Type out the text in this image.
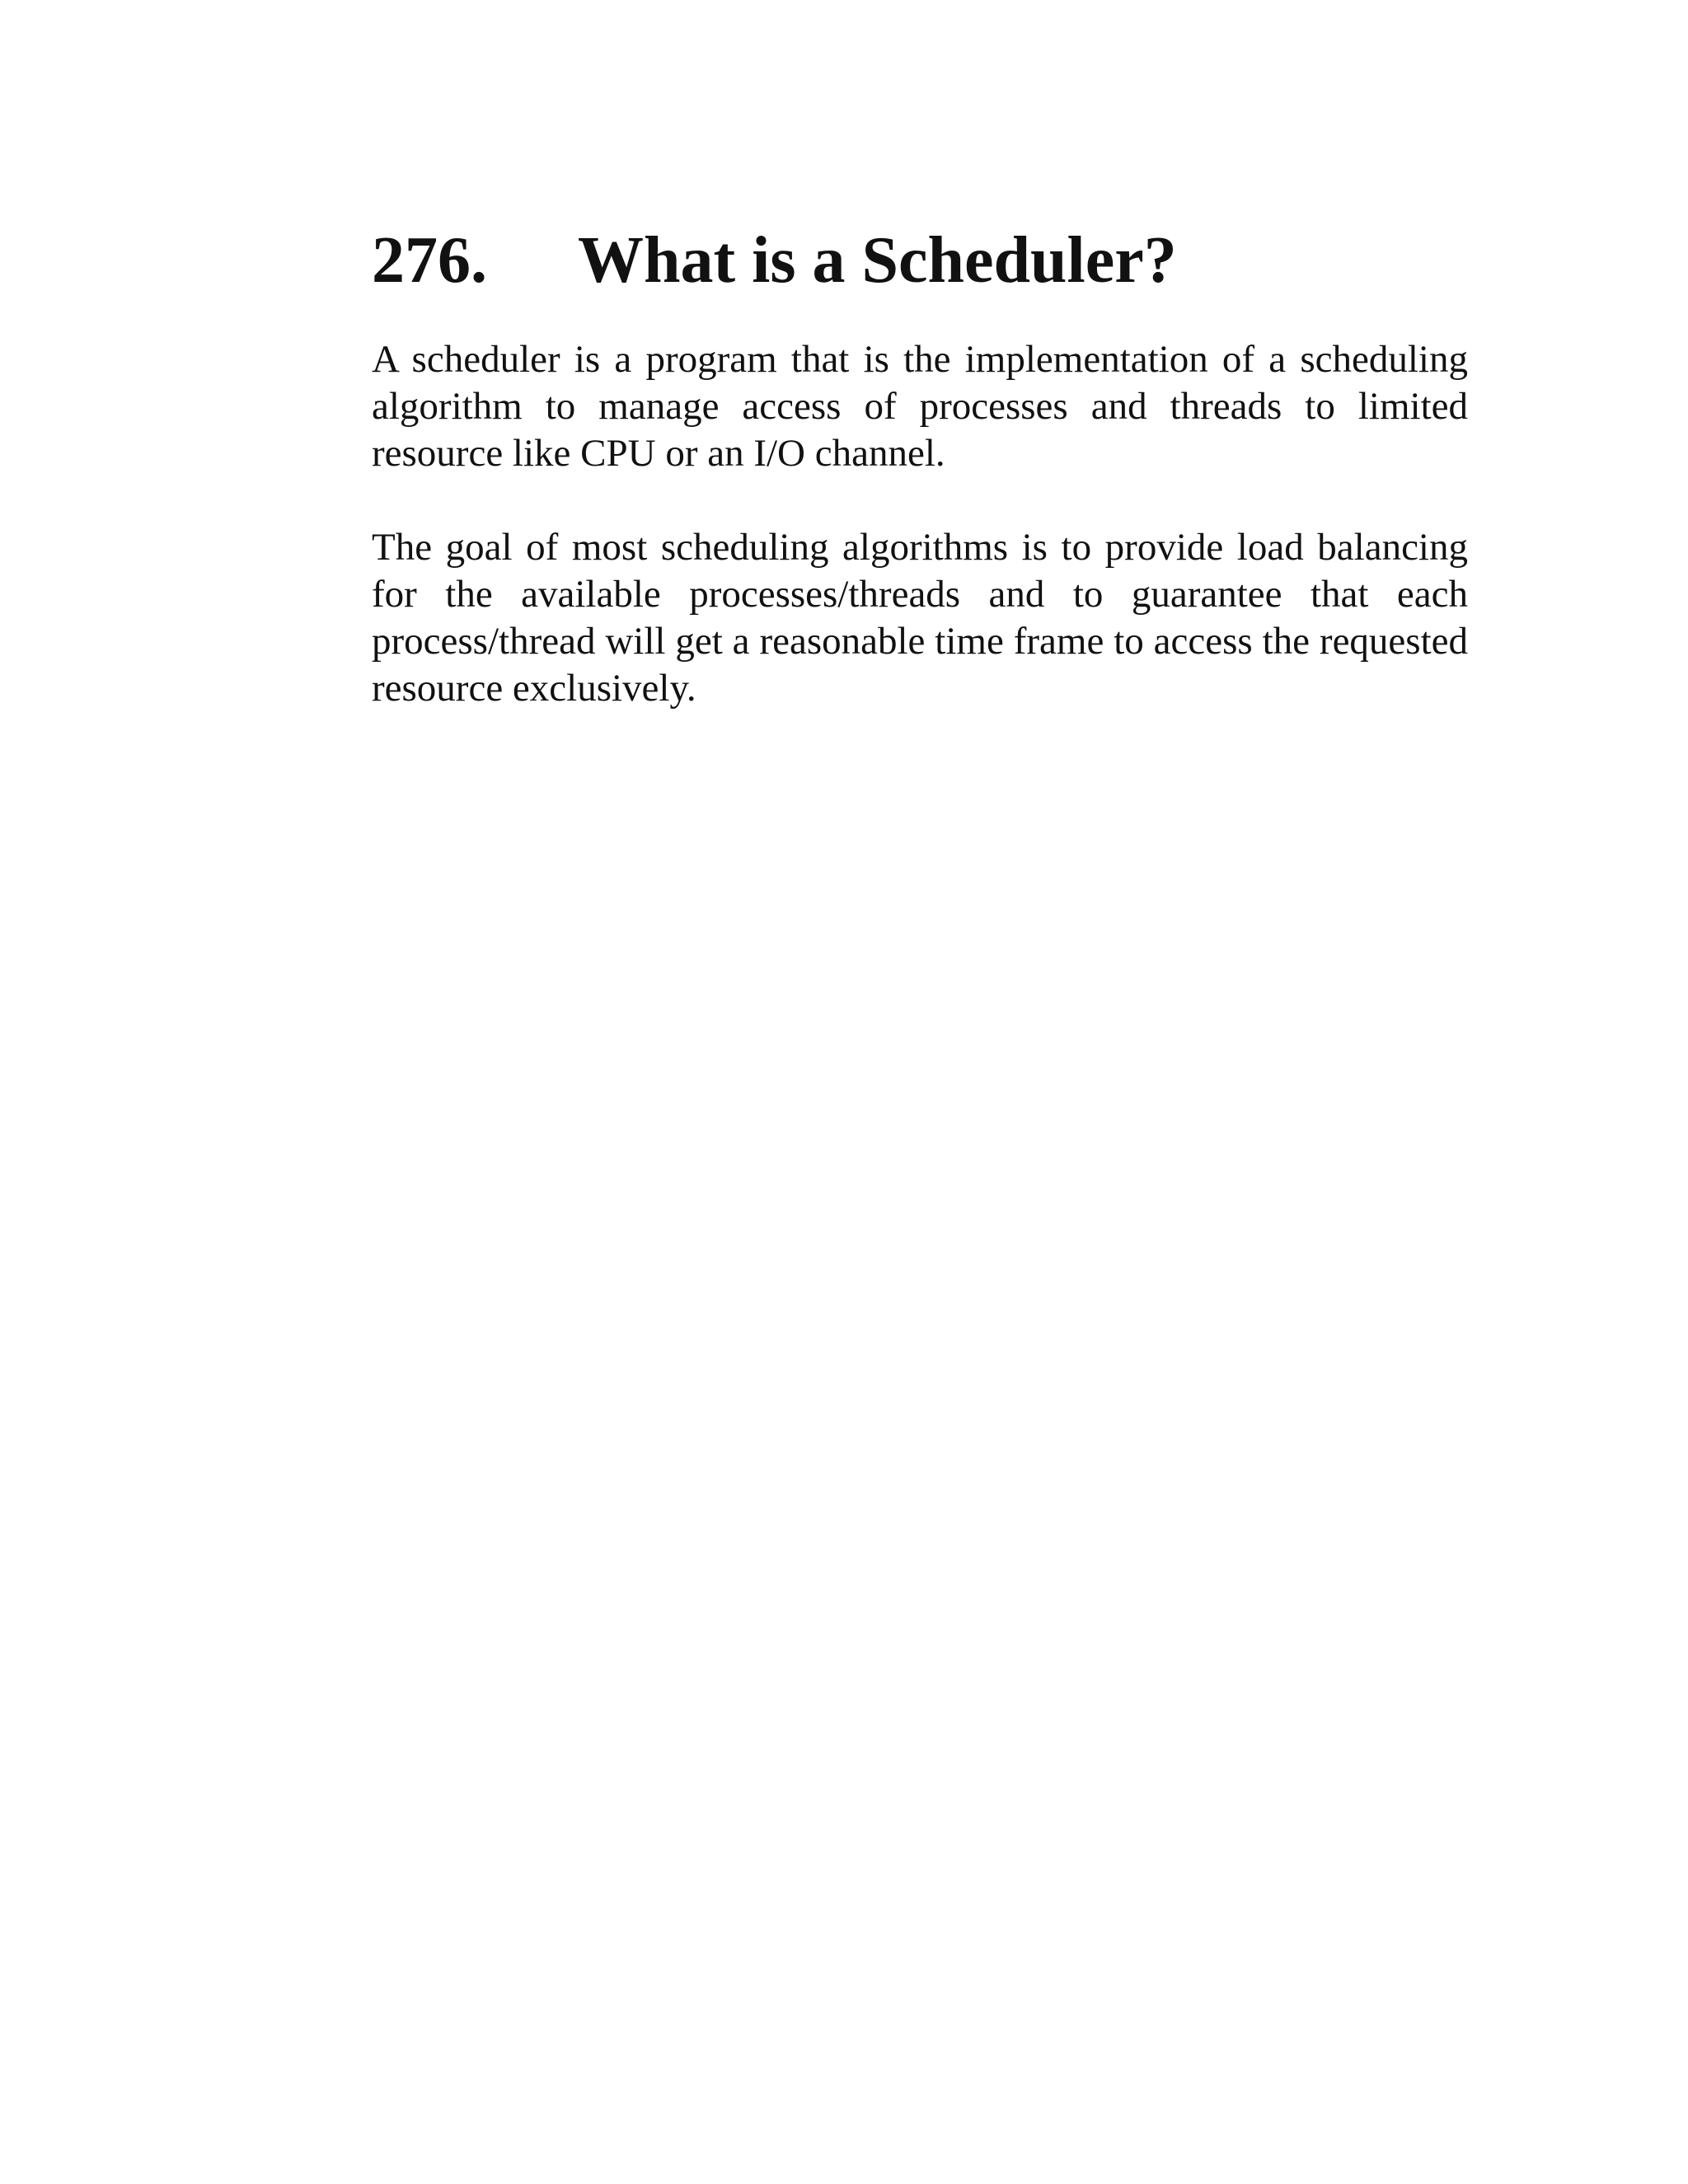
276.	What is a Scheduler?

A scheduler is a program that is the implementation of a scheduling algorithm to manage access of processes and threads to limited resource like CPU or an I/O channel.

The goal of most scheduling algorithms is to provide load balancing for the available processes/threads and to guarantee that each process/thread will get a reasonable time frame to access the requested resource exclusively.
